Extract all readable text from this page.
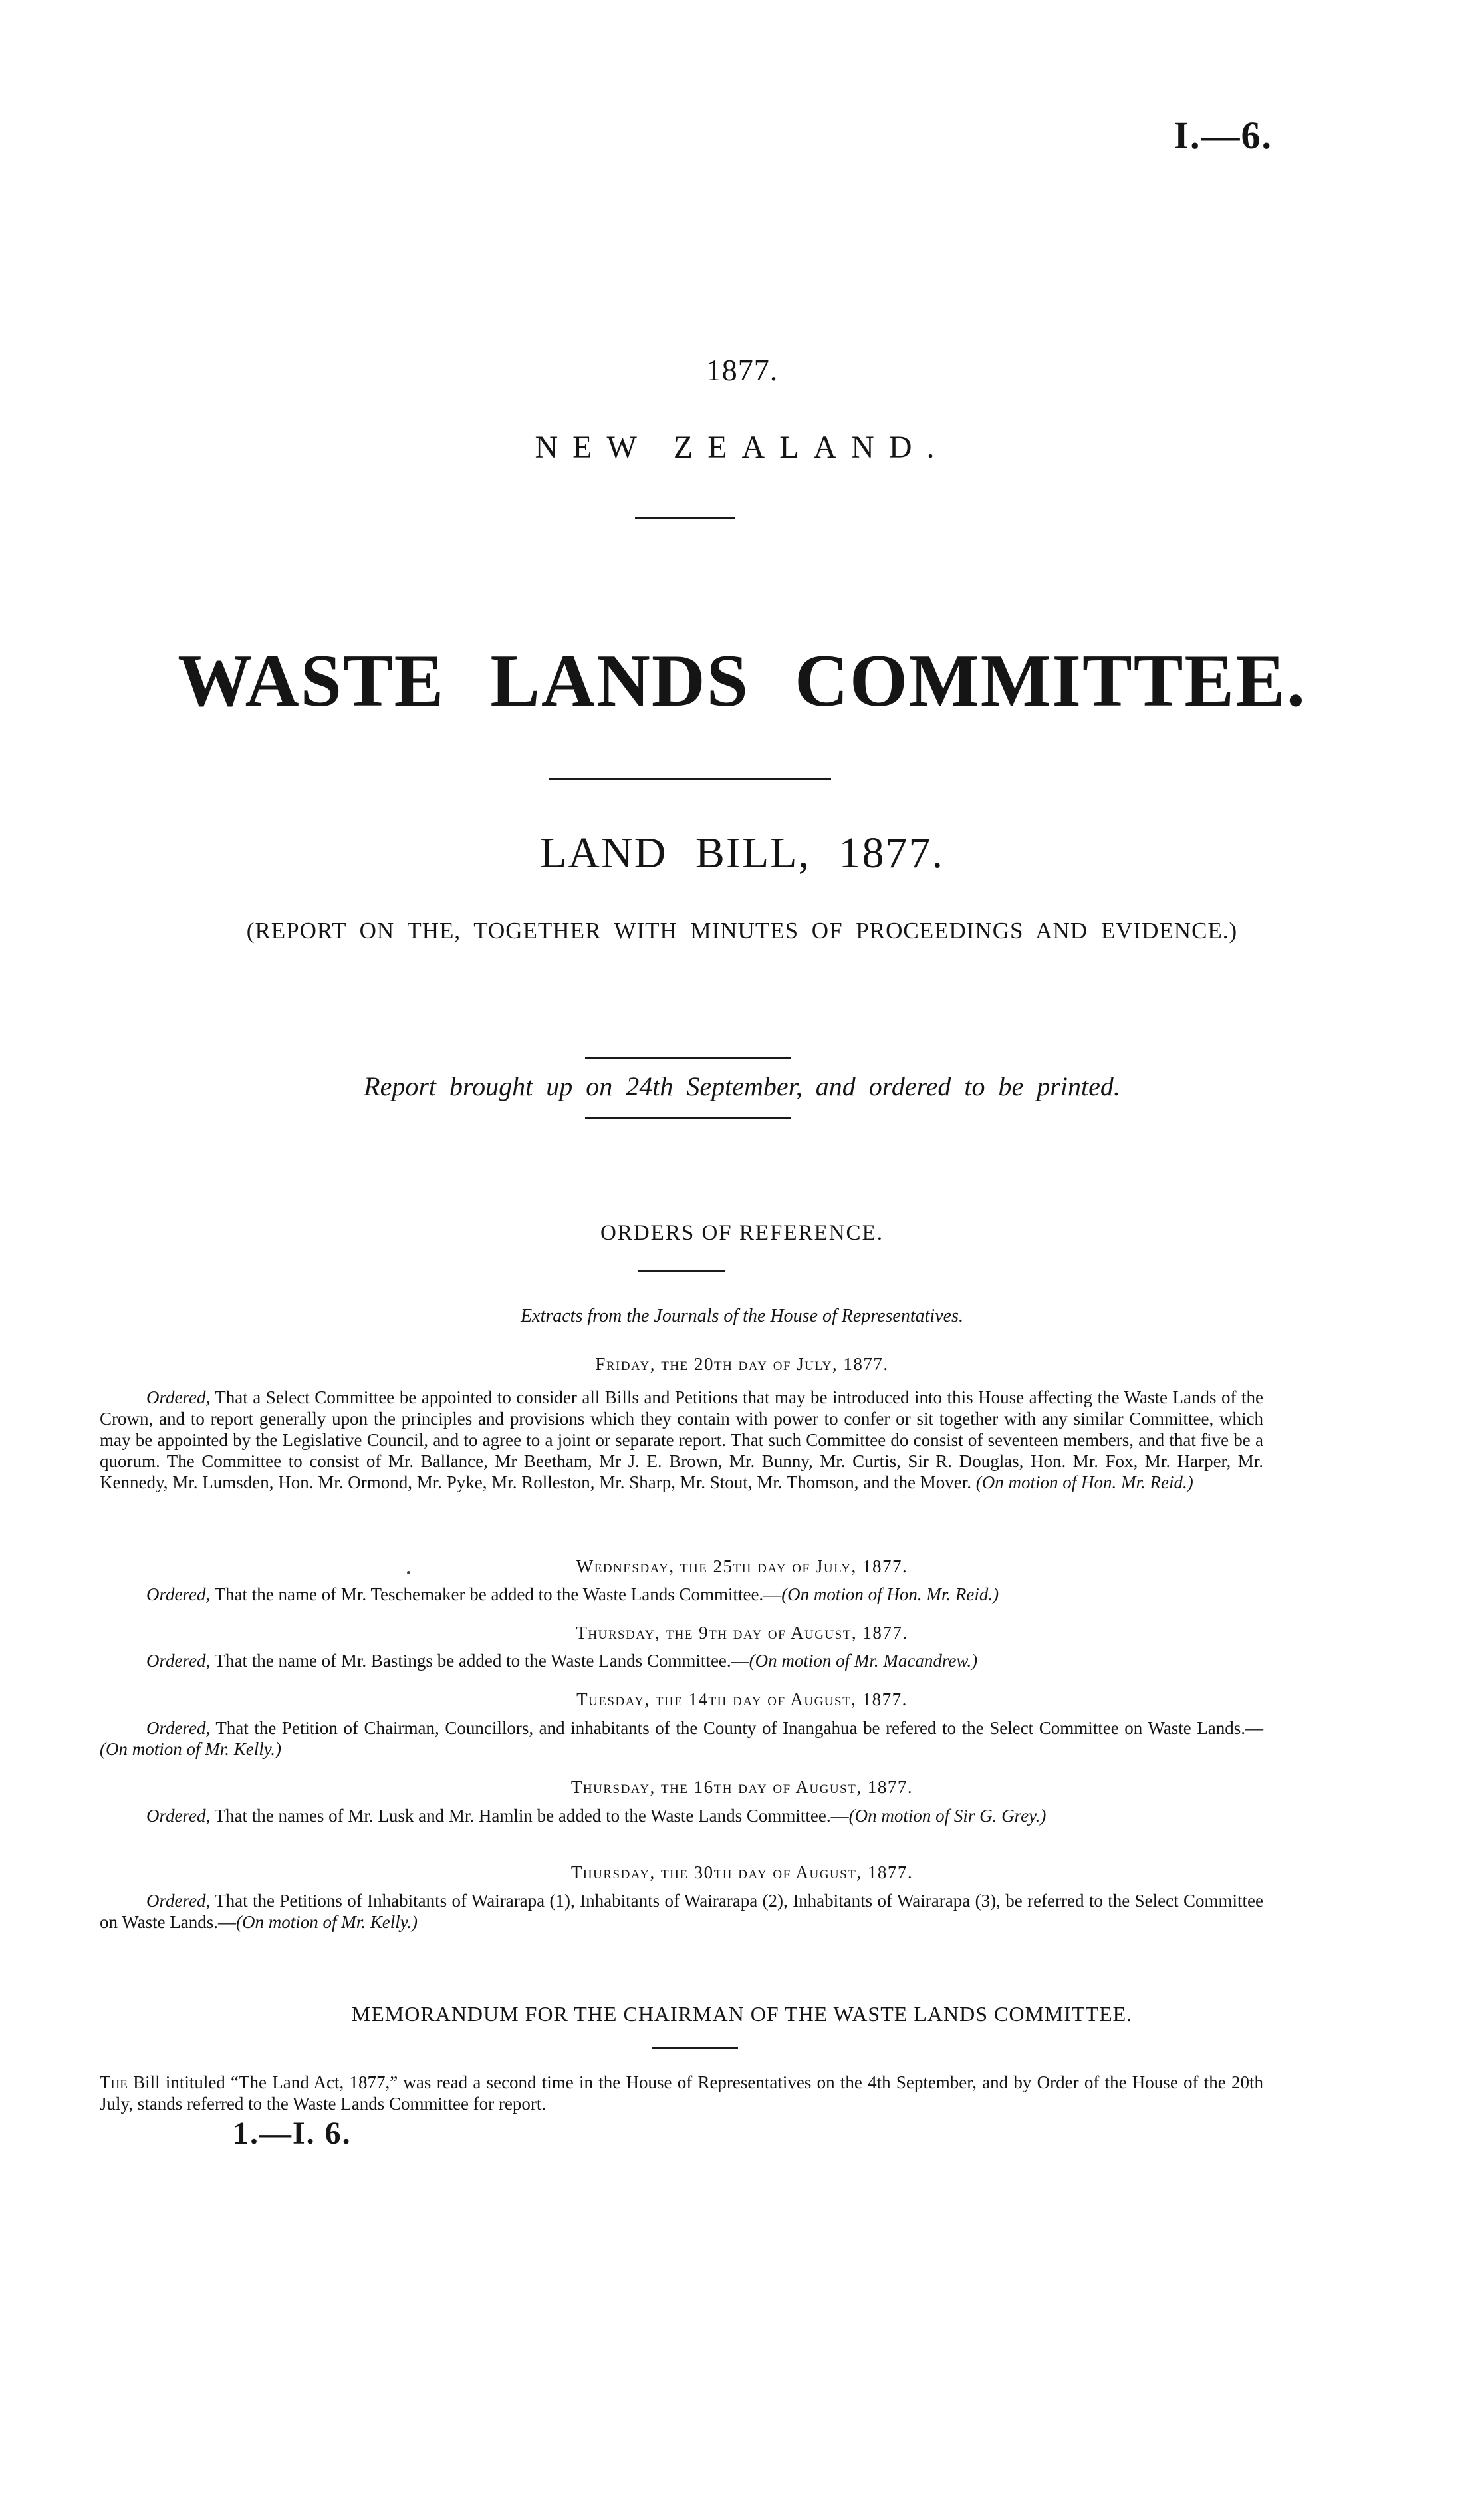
I.—6.
1877.
NEW ZEALAND.
WASTE LANDS COMMITTEE.
LAND BILL, 1877.
(REPORT ON THE, TOGETHER WITH MINUTES OF PROCEEDINGS AND EVIDENCE.)
Report brought up on 24th September, and ordered to be printed.
ORDERS OF REFERENCE.
Extracts from the Journals of the House of Representatives.
Friday, the 20th day of July, 1877.
Ordered, That a Select Committee be appointed to consider all Bills and Petitions that may be introduced into this House affecting the Waste Lands of the Crown, and to report generally upon the principles and provisions which they contain with power to confer or sit together with any similar Committee, which may be appointed by the Legislative Council, and to agree to a joint or separate report. That such Committee do consist of seventeen members, and that five be a quorum. The Committee to consist of Mr. Ballance, Mr Beetham, Mr J. E. Brown, Mr. Bunny, Mr. Curtis, Sir R. Douglas, Hon. Mr. Fox, Mr. Harper, Mr. Kennedy, Mr. Lumsden, Hon. Mr. Ormond, Mr. Pyke, Mr. Rolleston, Mr. Sharp, Mr. Stout, Mr. Thomson, and the Mover. (On motion of Hon. Mr. Reid.)
Wednesday, the 25th day of July, 1877.
Ordered, That the name of Mr. Teschemaker be added to the Waste Lands Committee.—(On motion of Hon. Mr. Reid.)
Thursday, the 9th day of August, 1877.
Ordered, That the name of Mr. Bastings be added to the Waste Lands Committee.—(On motion of Mr. Macandrew.)
Tuesday, the 14th day of August, 1877.
Ordered, That the Petition of Chairman, Councillors, and inhabitants of the County of Inangahua be refered to the Select Committee on Waste Lands.—(On motion of Mr. Kelly.)
Thursday, the 16th day of August, 1877.
Ordered, That the names of Mr. Lusk and Mr. Hamlin be added to the Waste Lands Committee.—(On motion of Sir G. Grey.)
Thursday, the 30th day of August, 1877.
Ordered, That the Petitions of Inhabitants of Wairarapa (1), Inhabitants of Wairarapa (2), Inhabitants of Wairarapa (3), be referred to the Select Committee on Waste Lands.—(On motion of Mr. Kelly.)
MEMORANDUM FOR THE CHAIRMAN OF THE WASTE LANDS COMMITTEE.
The Bill intituled “The Land Act, 1877,” was read a second time in the House of Representatives on the 4th September, and by Order of the House of the 20th July, stands referred to the Waste Lands Committee for report.
1.—I. 6.
